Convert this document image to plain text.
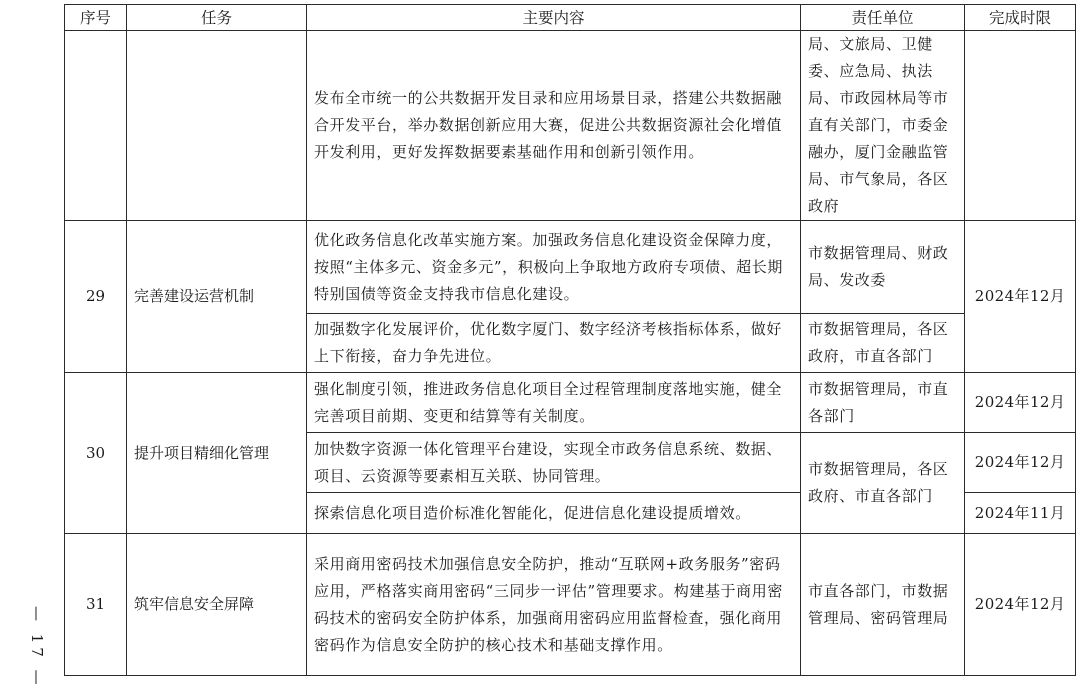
序号	任务	主要内容	责任单位	完成时限
		发布全市统一的公共数据开发目录和应用场景目录，搭建公共数据融合开发平台，举办数据创新应用大赛，促进公共数据资源社会化增值开发利用，更好发挥数据要素基础作用和创新引领作用。	局、文旅局、卫健委、应急局、执法局、市政园林局等市直有关部门，市委金融办，厦门金融监管局、市气象局，各区政府	
29	完善建设运营机制	优化政务信息化改革实施方案。加强政务信息化建设资金保障力度，按照“主体多元、资金多元”，积极向上争取地方政府专项债、超长期特别国债等资金支持我市信息化建设。	市数据管理局、财政局、发改委	2024年12月
		加强数字化发展评价，优化数字厦门、数字经济考核指标体系，做好上下衔接，奋力争先进位。	市数据管理局，各区政府，市直各部门	
30	提升项目精细化管理	强化制度引领，推进政务信息化项目全过程管理制度落地实施，健全完善项目前期、变更和结算等有关制度。	市数据管理局，市直各部门	2024年12月
		加快数字资源一体化管理平台建设，实现全市政务信息系统、数据、项目、云资源等要素相互关联、协同管理。	市数据管理局，各区政府、市直各部门	2024年12月
		探索信息化项目造价标准化智能化，促进信息化建设提质增效。		2024年11月
31	筑牢信息安全屏障	采用商用密码技术加强信息安全防护，推动“互联网+政务服务”密码应用，严格落实商用密码“三同步一评估”管理要求。构建基于商用密码技术的密码安全防护体系，加强商用密码应用监督检查，强化商用密码作为信息安全防护的核心技术和基础支撑作用。	市直各部门，市数据管理局、密码管理局	2024年12月
— 17 —
